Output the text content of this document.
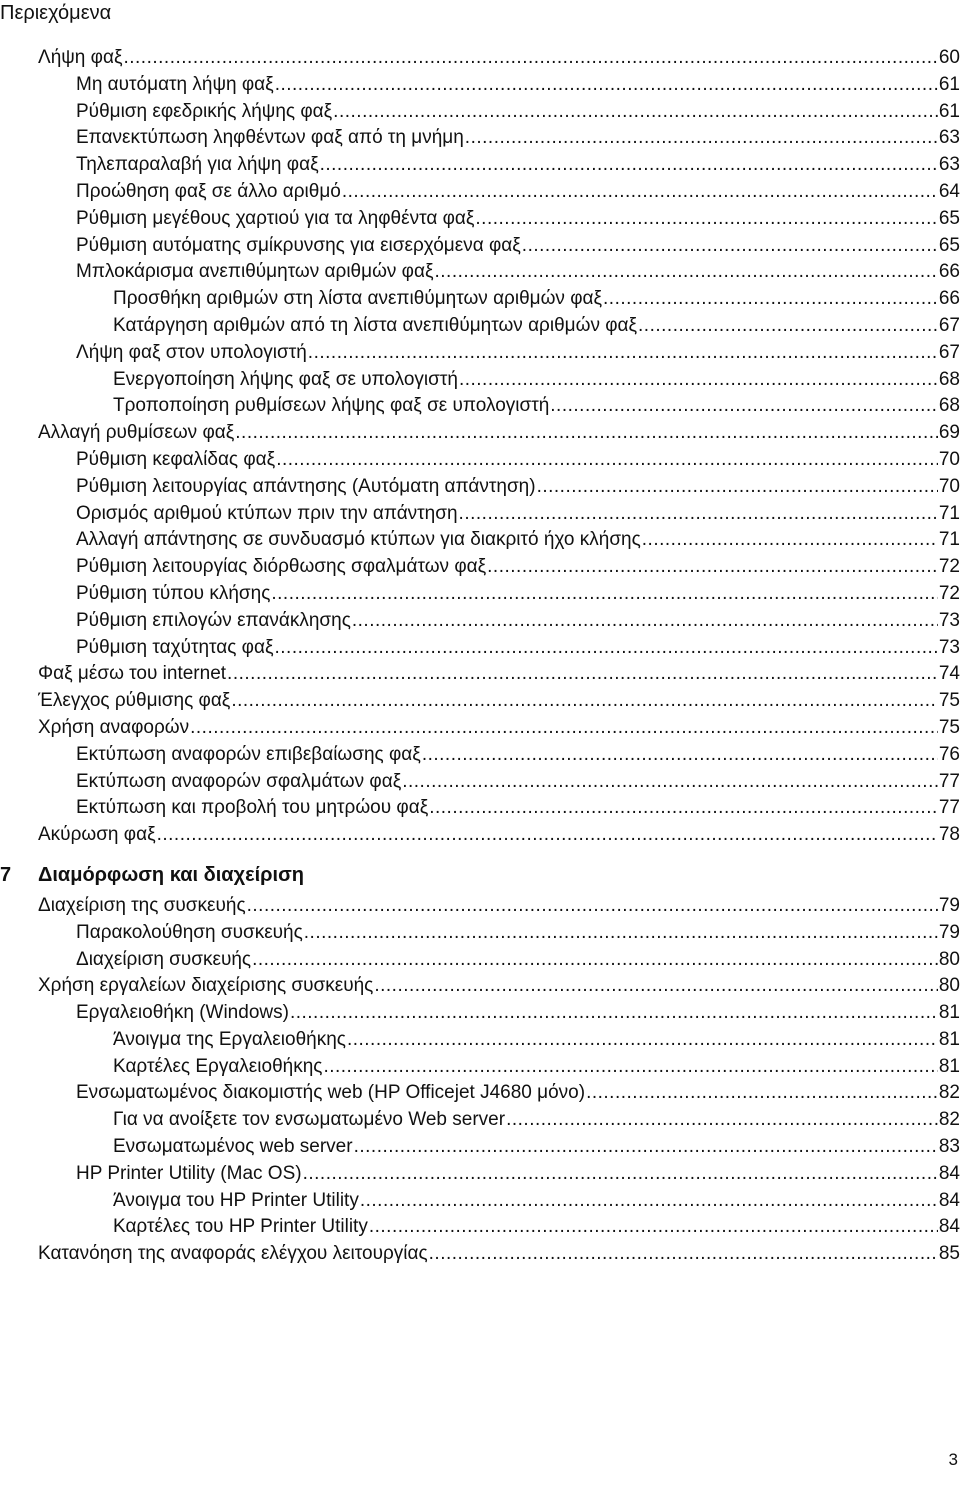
Περιεχόμενα
Λήψη φαξ .....	60
Μη αυτόματη λήψη φαξ .....	61
Ρύθμιση εφεδρικής λήψης φαξ .....	61
Επανεκτύπωση ληφθέντων φαξ από τη μνήμη .....	63
Τηλεπαραλαβή για λήψη φαξ .....	63
Προώθηση φαξ σε άλλο αριθμό .....	64
Ρύθμιση μεγέθους χαρτιού για τα ληφθέντα φαξ .....	65
Ρύθμιση αυτόματης σμίκρυνσης για εισερχόμενα φαξ .....	65
Μπλοκάρισμα ανεπιθύμητων αριθμών φαξ .....	66
Προσθήκη αριθμών στη λίστα ανεπιθύμητων αριθμών φαξ .....	66
Κατάργηση αριθμών από τη λίστα ανεπιθύμητων αριθμών φαξ .....	67
Λήψη φαξ στον υπολογιστή .....	67
Ενεργοποίηση λήψης φαξ σε υπολογιστή .....	68
Τροποποίηση ρυθμίσεων λήψης φαξ σε υπολογιστή .....	68
Αλλαγή ρυθμίσεων φαξ .....	69
Ρύθμιση κεφαλίδας φαξ .....	70
Ρύθμιση λειτουργίας απάντησης (Αυτόματη απάντηση) .....	70
Ορισμός αριθμού κτύπων πριν την απάντηση .....	71
Αλλαγή απάντησης σε συνδυασμό κτύπων για διακριτό ήχο κλήσης .....	71
Ρύθμιση λειτουργίας διόρθωσης σφαλμάτων φαξ .....	72
Ρύθμιση τύπου κλήσης .....	72
Ρύθμιση επιλογών επανάκλησης .....	73
Ρύθμιση ταχύτητας φαξ .....	73
Φαξ μέσω του internet .....	74
Έλεγχος ρύθμισης φαξ .....	75
Χρήση αναφορών .....	75
Εκτύπωση αναφορών επιβεβαίωσης φαξ .....	76
Εκτύπωση αναφορών σφαλμάτων φαξ .....	77
Εκτύπωση και προβολή του μητρώου φαξ .....	77
Ακύρωση φαξ .....	78
7	Διαμόρφωση και διαχείριση
Διαχείριση της συσκευής .....	79
Παρακολούθηση συσκευής .....	79
Διαχείριση συσκευής .....	80
Χρήση εργαλείων διαχείρισης συσκευής .....	80
Εργαλειοθήκη (Windows) .....	81
Άνοιγμα της Εργαλειοθήκης .....	81
Καρτέλες Εργαλειοθήκης .....	81
Ενσωματωμένος διακομιστής web (HP Officejet J4680 μόνο) .....	82
Για να ανοίξετε τον ενσωματωμένο Web server .....	82
Ενσωματωμένος web server .....	83
HP Printer Utility (Mac OS) .....	84
Άνοιγμα του HP Printer Utility .....	84
Καρτέλες του HP Printer Utility .....	84
Κατανόηση της αναφοράς ελέγχου λειτουργίας .....	85
3
